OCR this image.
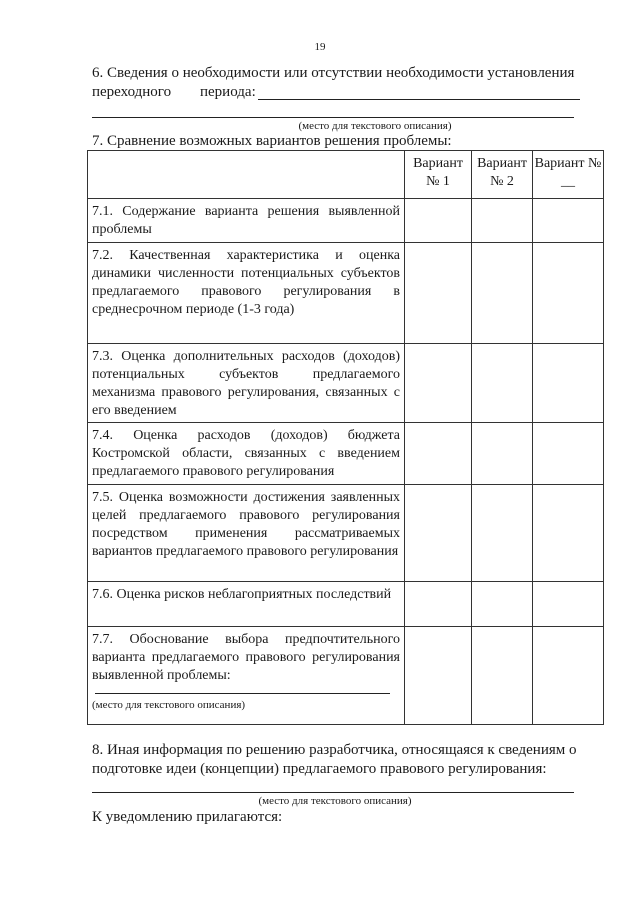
19
6. Сведения о необходимости или отсутствии необходимости установления
переходного периода:
(место для текстового описания)
7. Сравнение возможных вариантов решения проблемы:
	Вариант № 1	Вариант № 2	Вариант № __
7.1. Содержание варианта решения выявленной проблемы			
7.2. Качественная характеристика и оценка динамики численности потенциальных субъектов предлагаемого правового регулирования в среднесрочном периоде (1-3 года)			
7.3. Оценка дополнительных расходов (доходов) потенциальных субъектов предлагаемого механизма правового регулирования, связанных с его введением			
7.4. Оценка расходов (доходов) бюджета Костромской области, связанных с введением предлагаемого правового регулирования			
7.5. Оценка возможности достижения заявленных целей предлагаемого правового регулирования посредством применения рассматриваемых вариантов предлагаемого правового регулирования			
7.6. Оценка рисков неблагоприятных последствий			

7.7. Обоснование выбора предпочтительного варианта предлагаемого правового регулирования выявленной проблемы:
(место для текстового описания)			

8. Иная информация по решению разработчика, относящаяся к сведениям о
подготовке идеи (концепции) предлагаемого правового регулирования:
(место для текстового описания)
К уведомлению прилагаются:
